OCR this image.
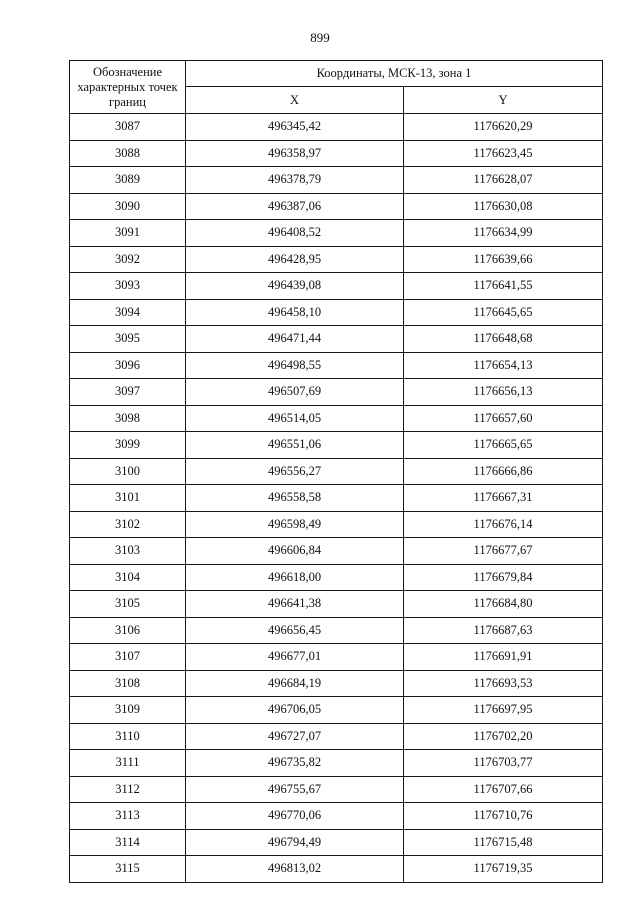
899
Обозначение характерных точек границ	Координаты, МСК-13, зона 1	
	X	Y
3087	496345,42	1176620,29
3088	496358,97	1176623,45
3089	496378,79	1176628,07
3090	496387,06	1176630,08
3091	496408,52	1176634,99
3092	496428,95	1176639,66
3093	496439,08	1176641,55
3094	496458,10	1176645,65
3095	496471,44	1176648,68
3096	496498,55	1176654,13
3097	496507,69	1176656,13
3098	496514,05	1176657,60
3099	496551,06	1176665,65
3100	496556,27	1176666,86
3101	496558,58	1176667,31
3102	496598,49	1176676,14
3103	496606,84	1176677,67
3104	496618,00	1176679,84
3105	496641,38	1176684,80
3106	496656,45	1176687,63
3107	496677,01	1176691,91
3108	496684,19	1176693,53
3109	496706,05	1176697,95
3110	496727,07	1176702,20
3111	496735,82	1176703,77
3112	496755,67	1176707,66
3113	496770,06	1176710,76
3114	496794,49	1176715,48
3115	496813,02	1176719,35
